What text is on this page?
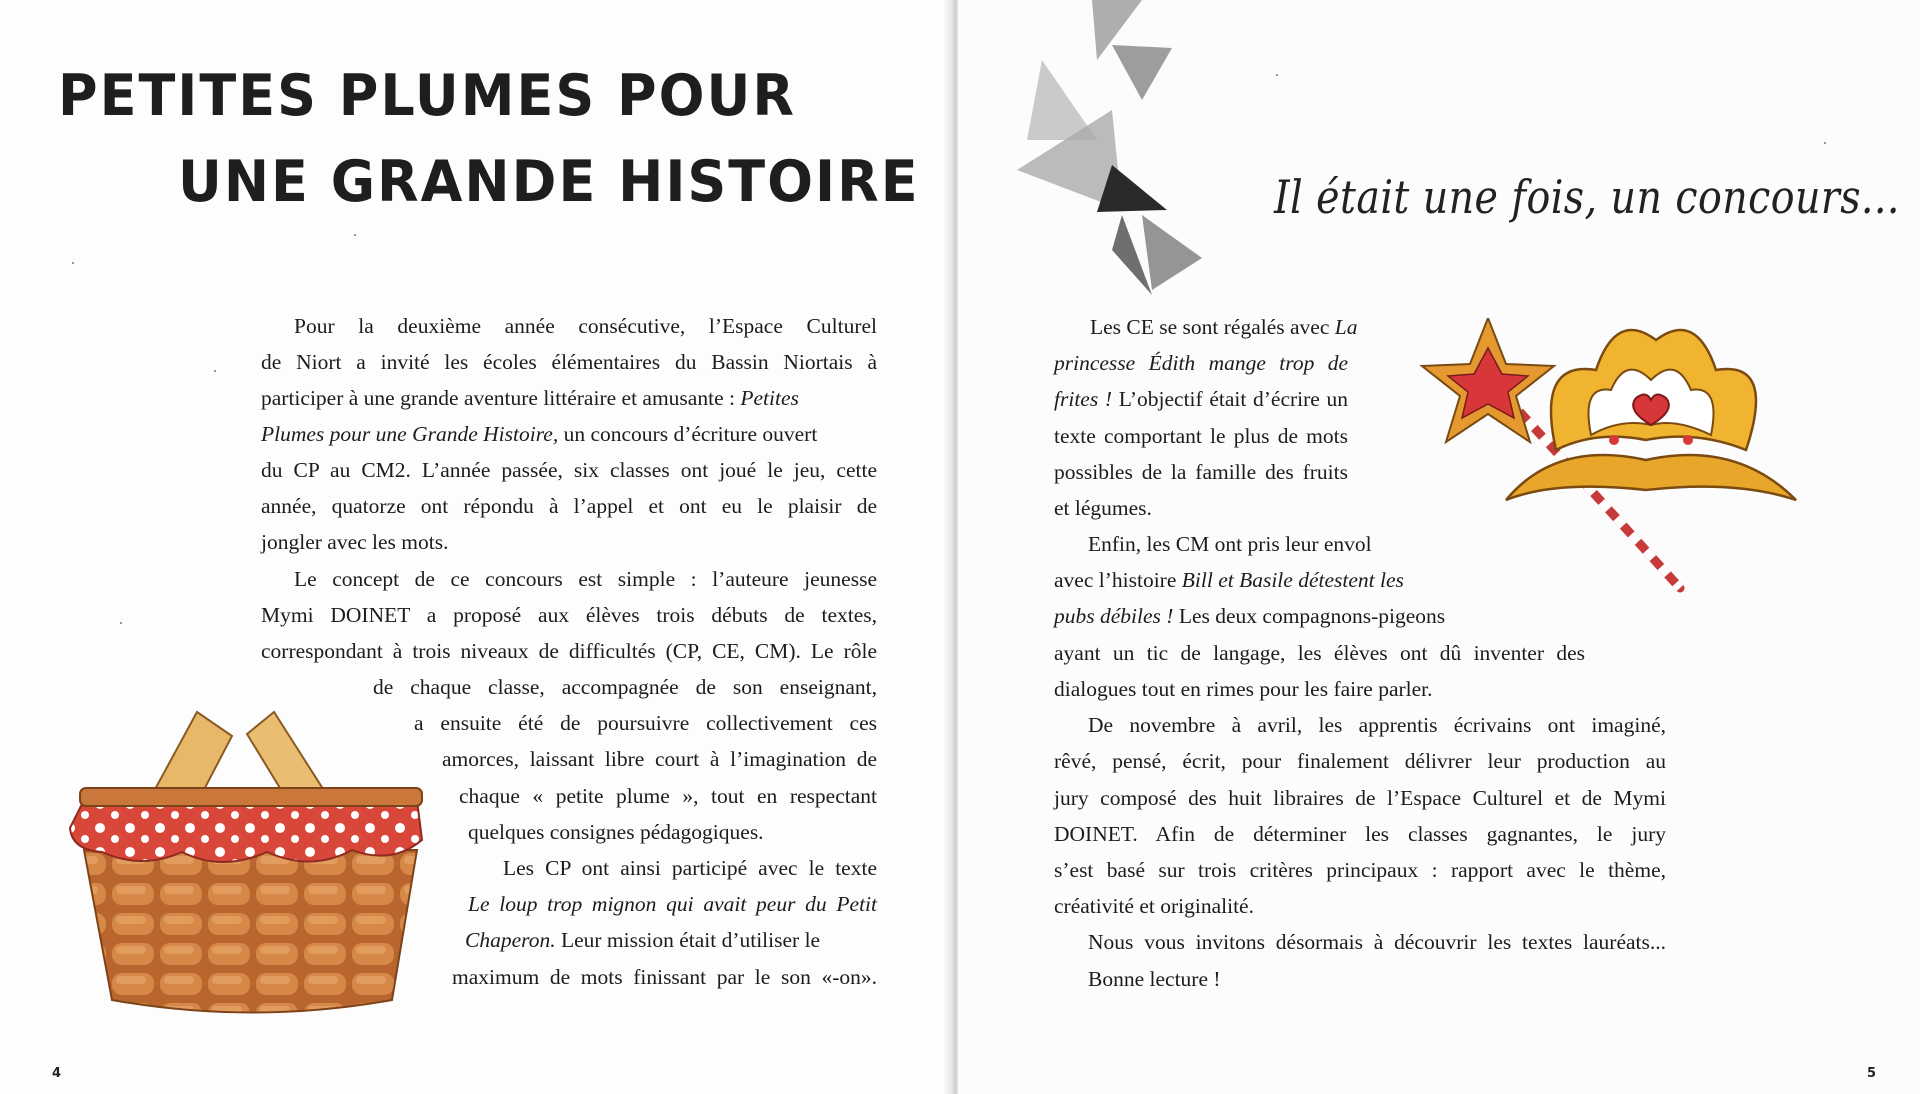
PETITES PLUMES POUR
UNE GRANDE HISTOIRE
Pour la deuxième année consécutive, l’Espace Culturel
de Niort a invité les écoles élémentaires du Bassin Niortais à
participer à une grande aventure littéraire et amusante : Petites
Plumes pour une Grande Histoire, un concours d’écriture ouvert
du CP au CM2. L’année passée, six classes ont joué le jeu, cette
année, quatorze ont répondu à l’appel et ont eu le plaisir de
jongler avec les mots.
Le concept de ce concours est simple : l’auteure jeunesse
Mymi DOINET a proposé aux élèves trois débuts de textes,
correspondant à trois niveaux de difficultés (CP, CE, CM). Le rôle
de chaque classe, accompagnée de son enseignant,
a ensuite été de poursuivre collectivement ces
amorces, laissant libre court à l’imagination de
chaque « petite plume », tout en respectant
quelques consignes pédagogiques.
Les CP ont ainsi participé avec le texte
Le loup trop mignon qui avait peur du Petit
Chaperon. Leur mission était d’utiliser le
maximum de mots finissant par le son «-on».
4
Il était une fois, un concours...
Les CE se sont régalés avec La
princesse Édith mange trop de
frites ! L’objectif était d’écrire un
texte comportant le plus de mots
possibles de la famille des fruits
et légumes.
Enfin, les CM ont pris leur envol
avec l’histoire Bill et Basile détestent les
pubs débiles ! Les deux compagnons-pigeons
ayant un tic de langage, les élèves ont dû inventer des
dialogues tout en rimes pour les faire parler.
De novembre à avril, les apprentis écrivains ont imaginé,
rêvé, pensé, écrit, pour finalement délivrer leur production au
jury composé des huit libraires de l’Espace Culturel et de Mymi
DOINET. Afin de déterminer les classes gagnantes, le jury
s’est basé sur trois critères principaux : rapport avec le thème,
créativité et originalité.
Nous vous invitons désormais à découvrir les textes lauréats...
Bonne lecture !
5
